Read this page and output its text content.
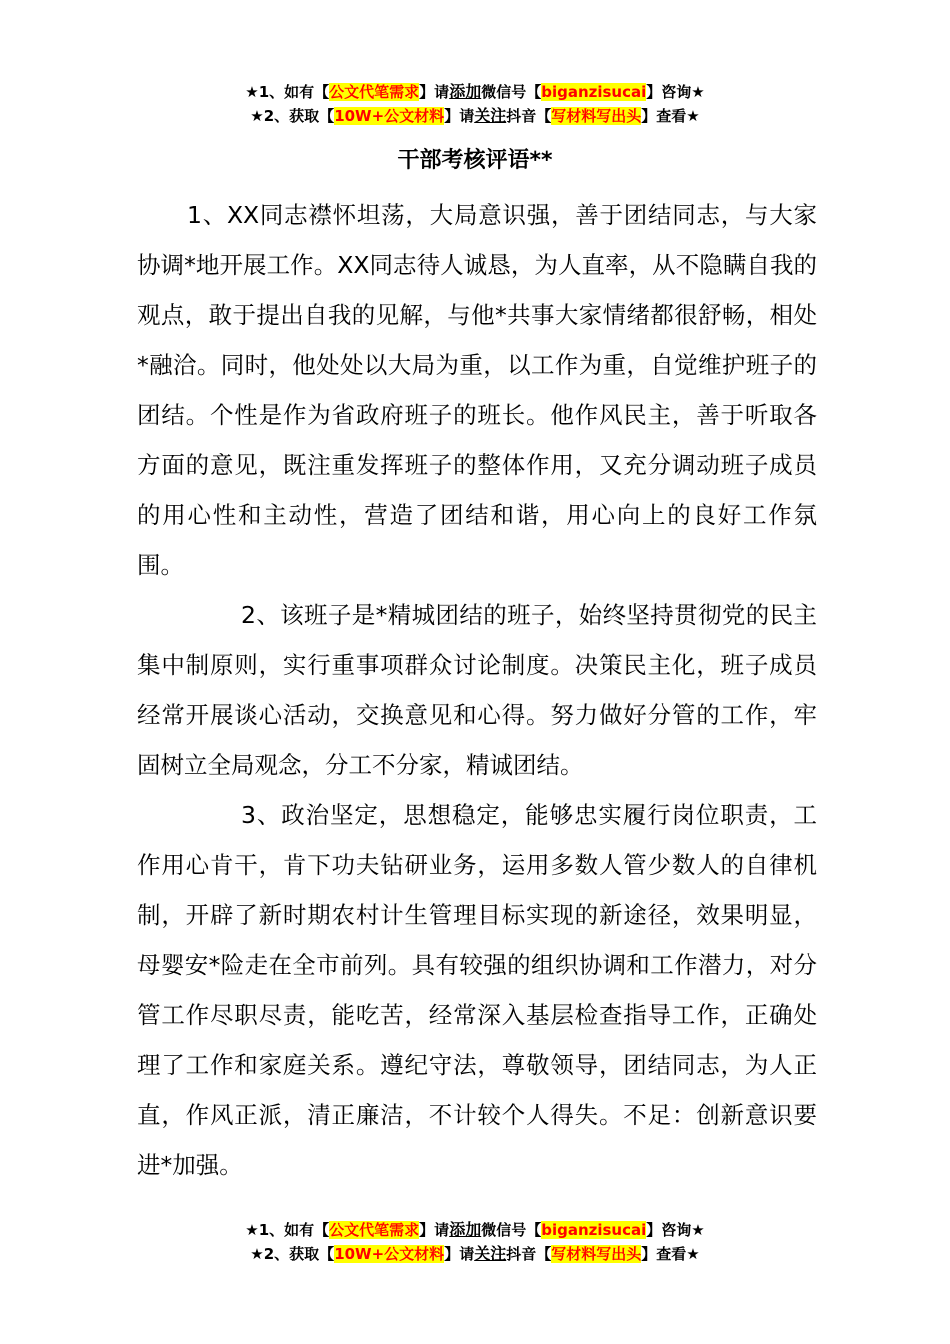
★1、如有【公文代笔需求】请添加微信号【biganzisucai】咨询★
★2、获取【10W+公文材料】请关注抖音【写材料写出头】查看★
干部考核评语**

1、XX同志襟怀坦荡，大局意识强，善于团结同志，与大家协调*地开展工作。XX同志待人诚恳，为人直率，从不隐瞒自我的观点，敢于提出自我的见解，与他*共事大家情绪都很舒畅，相处*融洽。同时，他处处以大局为重，以工作为重，自觉维护班子的团结。个性是作为省政府班子的班长。他作风民主，善于听取各方面的意见，既注重发挥班子的整体作用，又充分调动班子成员的用心性和主动性，营造了团结和谐，用心向上的良好工作氛围。

2、该班子是*精城团结的班子，始终坚持贯彻党的民主集中制原则，实行重事项群众讨论制度。决策民主化，班子成员经常开展谈心活动，交换意见和心得。努力做好分管的工作，牢固树立全局观念，分工不分家，精诚团结。

3、政治坚定，思想稳定，能够忠实履行岗位职责，工作用心肯干，肯下功夫钻研业务，运用多数人管少数人的自律机制，开辟了新时期农村计生管理目标实现的新途径，效果明显，母婴安*险走在全市前列。具有较强的组织协调和工作潜力，对分管工作尽职尽责，能吃苦，经常深入基层检查指导工作，正确处理了工作和家庭关系。遵纪守法，尊敬领导，团结同志，为人正直，作风正派，清正廉洁，不计较个人得失。不足：创新意识要进*加强。

★1、如有【公文代笔需求】请添加微信号【biganzisucai】咨询★
★2、获取【10W+公文材料】请关注抖音【写材料写出头】查看★
